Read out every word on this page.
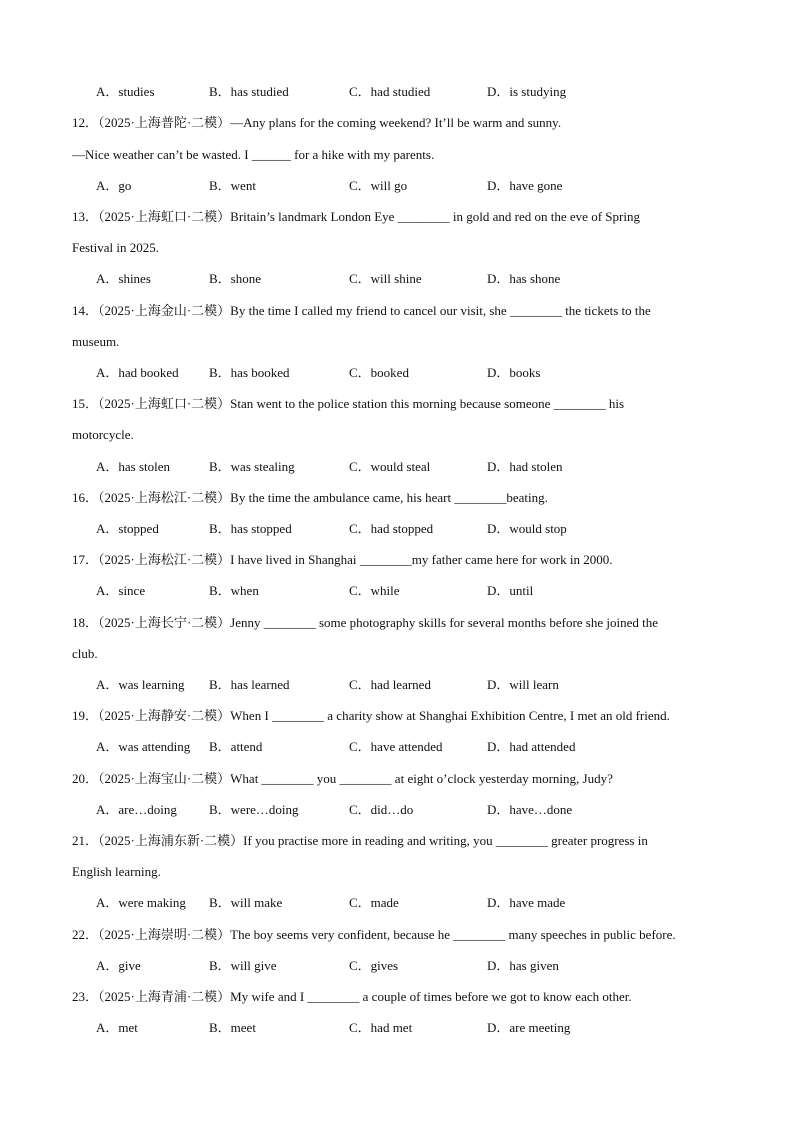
A．studies	B．has studied	C．had studied	D．is studying
12．（2025·上海普陀·二模）—Any plans for the coming weekend? It’ll be warm and sunny.
—Nice weather can’t be wasted. I ______ for a hike with my parents.
A．go	B．went	C．will go	D．have gone
13．（2025·上海虹口·二模）Britain’s landmark London Eye ________ in gold and red on the eve of Spring
Festival in 2025.
A．shines	B．shone	C．will shine	D．has shone
14．（2025·上海金山·二模）By the time I called my friend to cancel our visit, she ________ the tickets to the
museum.
A．had booked B．has booked	C．booked	D．books
15．（2025·上海虹口·二模）Stan went to the police station this morning because someone ________ his
motorcycle.
A．has stolen	B．was stealing	C．would steal	D．had stolen
16．（2025·上海松江·二模）By the time the ambulance came, his heart ________beating.
A．stopped	B．has stopped	C．had stopped	D．would stop
17．（2025·上海松江·二模）I have lived in Shanghai ________my father came here for work in 2000.
A．since	B．when	C．while	D．until
18．（2025·上海长宁·二模）Jenny ________ some photography skills for several months before she joined the
club.
A．was learning B．has learned	C．had learned	D．will learn
19．（2025·上海静安·二模）When I ________ a charity show at Shanghai Exhibition Centre, I met an old friend.
A．was attending B．attend	C．have attended	D．had attended
20．（2025·上海宝山·二模）What ________ you ________ at eight o’clock yesterday morning, Judy?
A．are…doing B．were…doing	C．did…do	D．have…done
21．（2025·上海浦东新·二模）If you practise more in reading and writing, you ________ greater progress in
English learning.
A．were making B．will make	C．made	D．have made
22．（2025·上海崇明·二模）The boy seems very confident, because he ________ many speeches in public before.
A．give	B．will give	C．gives	D．has given
23．（2025·上海青浦·二模）My wife and I ________ a couple of times before we got to know each other.
A．met	B．meet	C．had met	D．are meeting
